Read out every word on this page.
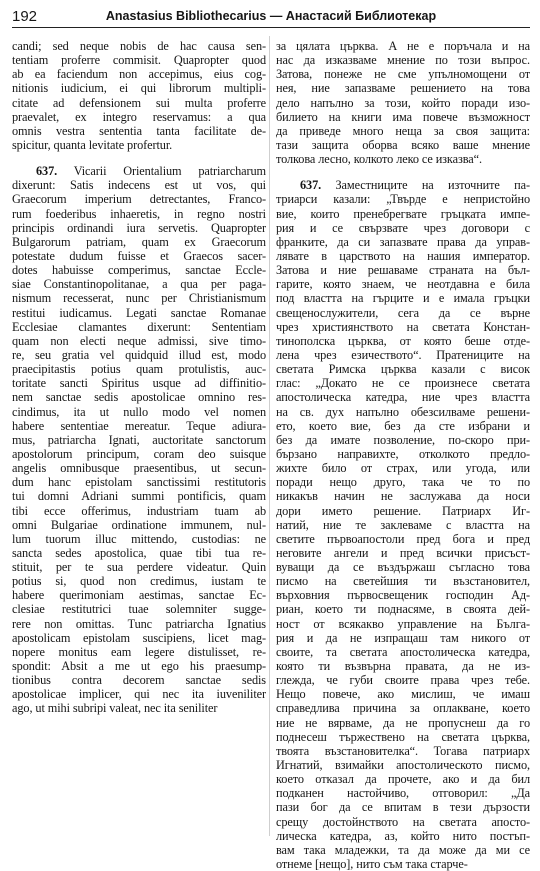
192	Anastasius Bibliothecarius — Анастасий Библиотекар
candi; sed neque nobis de hac causa sen-
tentiam proferre commisit. Quapropter quod
ab ea faciendum non accepimus, eius cog-
nitionis iudicium, ei qui librorum multipli-
citate ad defensionem sui multa proferre
praevalet, ex integro reservamus: a qua
omnis vestra sententia tanta facilitate de-
spicitur, quanta levitate profertur.
637. Vicarii Orientalium patriarcharum
dixerunt: Satis indecens est ut vos, qui
Graecorum imperium detrectantes, Franco-
rum foederibus inhaeretis, in regno nostri
principis ordinandi iura servetis. Quapropter
Bulgarorum patriam, quam ex Graecorum
potestate dudum fuisse et Graecos sacer-
dotes habuisse comperimus, sanctae Eccle-
siae Constantinopolitanae, a qua per paga-
nismum recesserat, nunc per Christianismum
restitui iudicamus. Legati sanctae Romanae
Ecclesiae clamantes dixerunt: Sententiam
quam non electi neque admissi, sive timo-
re, seu gratia vel quidquid illud est, modo
praecipitastis potius quam protulistis, auc-
toritate sancti Spiritus usque ad diffinitio-
nem sanctae sedis apostolicae omnino res-
cindimus, ita ut nullo modo vel nomen
habere sententiae mereatur. Teque adiura-
mus, patriarcha Ignati, auctoritate sanctorum
apostolorum principum, coram deo suisque
angelis omnibusque praesentibus, ut secun-
dum hanc epistolam sanctissimi restitutoris
tui domni Adriani summi pontificis, quam
tibi ecce offerimus, industriam tuam ab
omni Bulgariae ordinatione immunem, nul-
lum tuorum illuc mittendo, custodias: ne
sancta sedes apostolica, quae tibi tua re-
stituit, per te sua perdere videatur. Quin
potius si, quod non credimus, iustam te
habere querimoniam aestimas, sanctae Ec-
clesiae restitutrici tuae solemniter sugge-
rere non omittas. Tunc patriarcha Ignatius
apostolicam epistolam suscipiens, licet mag-
nopere monitus eam legere distulisset, re-
spondit: Absit a me ut ego his praesump-
tionibus contra decorem sanctae sedis
apostolicae implicer, qui nec ita iuveniliter
ago, ut mihi subripi valeat, nec ita seniliter
за цялата църква. А не е поръчала и на
нас да изказваме мнение по този въпрос.
Затова, понеже не сме упълномощени от
нея, ние запазваме решението на това
дело напълно за този, който поради изо-
билието на книги има повече възможност
да приведе много неща за своя защита:
тази защита оборва всяко ваше мнение
толкова лесно, колкото леко се изказва“.
637. Заместниците на източните па-
триарси казали: „Твърде е непристойно
вие, които пренебрегвате гръцката импе-
рия и се свързвате чрез договори с
франките, да си запазвате права да управ-
лявате в царството на нашия император.
Затова и ние решаваме страната на бъл-
гарите, която знаем, че неотдавна е била
под властта на гърците и е имала гръцки
свещенослужители, сега да се върне
чрез християнството на светата Констан-
тинополска църква, от която беше отде-
лена чрез езичеството“. Пратениците на
светата Римска църква казали с висок
глас: „Докато не се произнесе светата
апостолическа катедра, ние чрез властта
на св. дух напълно обезсилваме решени-
ето, което вие, без да сте избрани и
без да имате позволение, по-скоро при-
бързано направихте, отколкото предло-
жихте било от страх, или угода, или
поради нещо друго, така че то по
никакъв начин не заслужава да носи
дори името решение. Патриарх Иг-
натий, ние те заклеваме с властта на
светите първоапостоли пред бога и пред
неговите ангели и пред всички присъст-
вуващи да се въздържаш съгласно това
писмо на светейшия ти възстановител,
върховния първосвещеник господин Ад-
риан, което ти поднасяме, в своята дей-
ност от всякакво управление на Бълга-
рия и да не изпращаш там никого от
своите, та светата апостолическа катедра,
която ти възвърна правата, да не из-
глежда, че губи своите права чрез тебе.
Нещо повече, ако мислиш, че имаш
справедлива причина за оплакване, което
ние не вярваме, да не пропуснеш да го
поднесеш тържествено на светата църква,
твоята възстановителка“. Тогава патриарх
Игнатий, взимайки апостолическото писмо,
което отказал да прочете, ако и да бил
подканен настойчиво, отговорил: „Да
пази бог да се впитам в тези дързости
срещу достойнството на светата апосто-
лическа катедра, аз, който нито постъп-
вам така младежки, та да може да ми се
отнеме [нещо], нито съм така старче-
